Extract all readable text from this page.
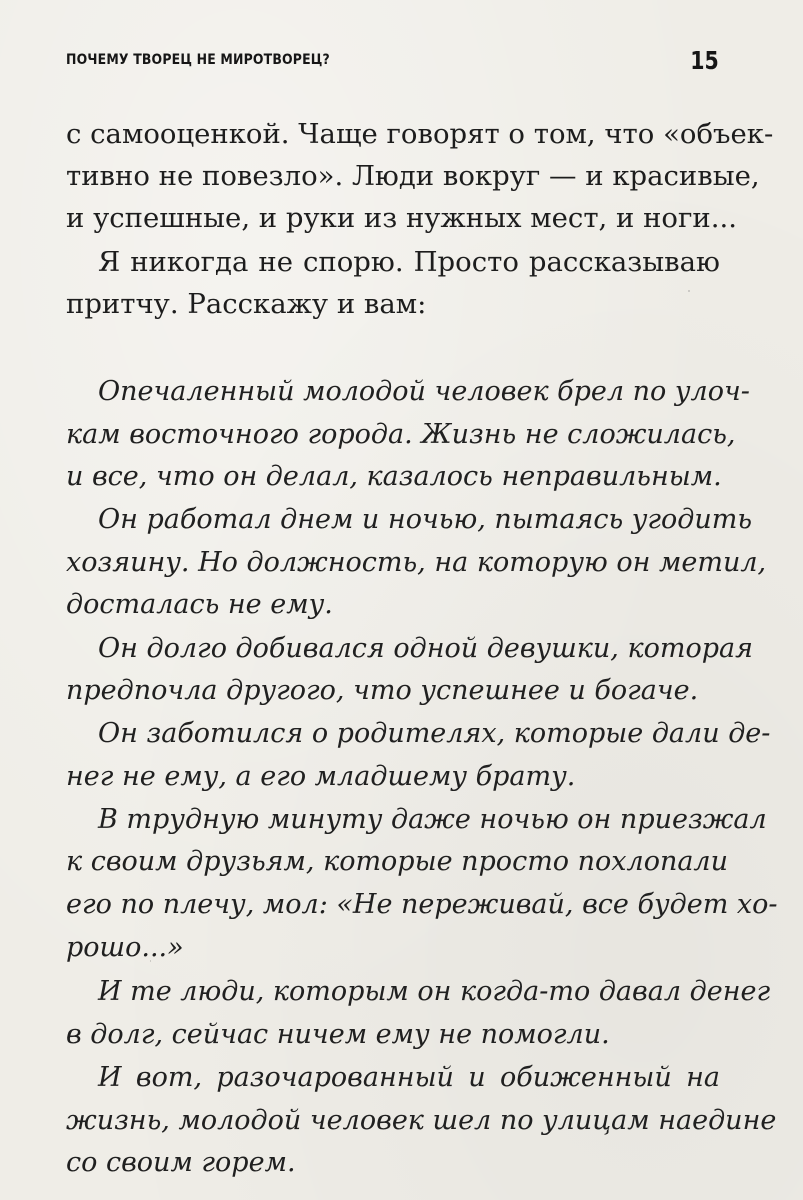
ПОЧЕМУ ТВОРЕЦ НЕ МИРОТВОРЕЦ?	15
с самооценкой. Чаще говорят о том, что «объек-
тивно не повезло». Люди вокруг — и красивые,
и успешные, и руки из нужных мест, и ноги...
Я никогда не спорю. Просто рассказываю
притчу. Расскажу и вам:
Опечаленный молодой человек брел по улоч-
кам восточного города. Жизнь не сложилась,
и все, что он делал, казалось неправильным.
Он работал днем и ночью, пытаясь угодить
хозяину. Но должность, на которую он метил,
досталась не ему.
Он долго добивался одной девушки, которая
предпочла другого, что успешнее и богаче.
Он заботился о родителях, которые дали де-
нег не ему, а его младшему брату.
В трудную минуту даже ночью он приезжал
к своим друзьям, которые просто похлопали
его по плечу, мол: «Не переживай, все будет хо-
рошо...»
И те люди, которым он когда-то давал денег
в долг, сейчас ничем ему не помогли.
И вот, разочарованный и обиженный на
жизнь, молодой человек шел по улицам наедине
со своим горем.
